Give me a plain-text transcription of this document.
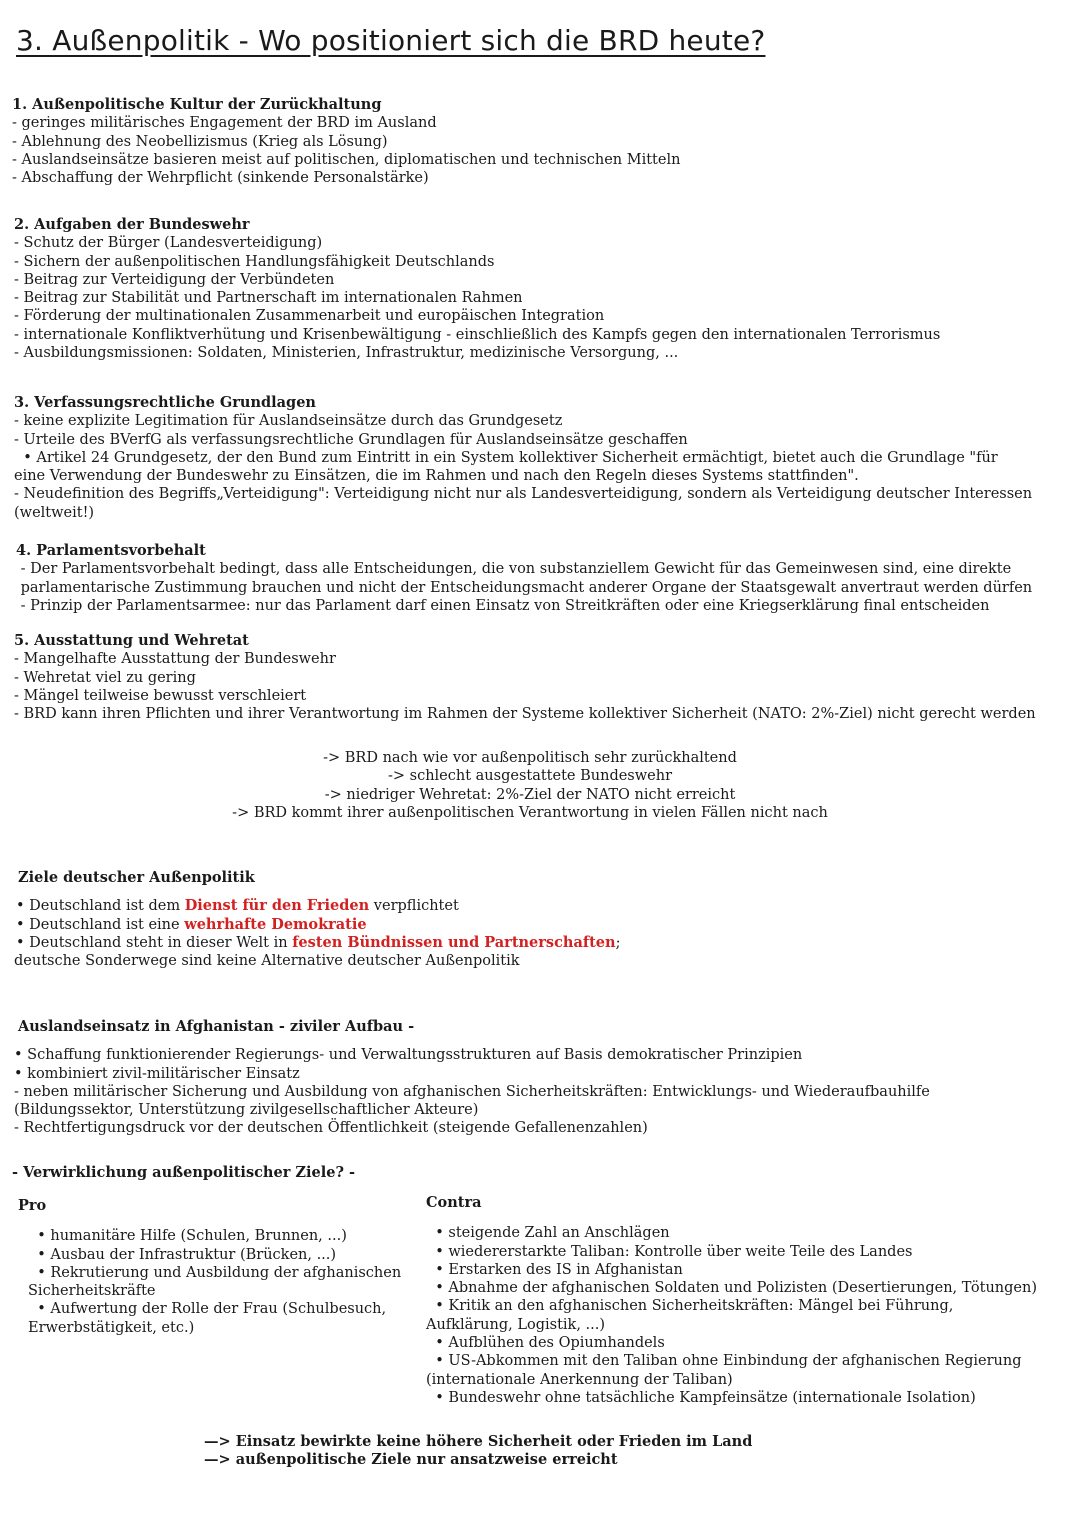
3. Außenpolitik - Wo positioniert sich die BRD heute?
1. Außenpolitische Kultur der Zurückhaltung
- geringes militärisches Engagement der BRD im Ausland
- Ablehnung des Neobellizismus (Krieg als Lösung)
- Auslandseinsätze basieren meist auf politischen, diplomatischen und technischen Mitteln
- Abschaffung der Wehrpflicht (sinkende Personalstärke)
2. Aufgaben der Bundeswehr
- Schutz der Bürger (Landesverteidigung)
- Sichern der außenpolitischen Handlungsfähigkeit Deutschlands
- Beitrag zur Verteidigung der Verbündeten
- Beitrag zur Stabilität und Partnerschaft im internationalen Rahmen
- Förderung der multinationalen Zusammenarbeit und europäischen Integration
- internationale Konfliktverhütung und Krisenbewältigung - einschließlich des Kampfs gegen den internationalen Terrorismus
- Ausbildungsmissionen: Soldaten, Ministerien, Infrastruktur, medizinische Versorgung, ...
3. Verfassungsrechtliche Grundlagen
- keine explizite Legitimation für Auslandseinsätze durch das Grundgesetz
- Urteile des BVerfG als verfassungsrechtliche Grundlagen für Auslandseinsätze geschaffen
• Artikel 24 Grundgesetz, der den Bund zum Eintritt in ein System kollektiver Sicherheit ermächtigt, bietet auch die Grundlage "für
eine Verwendung der Bundeswehr zu Einsätzen, die im Rahmen und nach den Regeln dieses Systems stattfinden".
- Neudefinition des Begriffs„Verteidigung": Verteidigung nicht nur als Landesverteidigung, sondern als Verteidigung deutscher Interessen
(weltweit!)
4. Parlamentsvorbehalt
- Der Parlamentsvorbehalt bedingt, dass alle Entscheidungen, die von substanziellem Gewicht für das Gemeinwesen sind, eine direkte
parlamentarische Zustimmung brauchen und nicht der Entscheidungsmacht anderer Organe der Staatsgewalt anvertraut werden dürfen
- Prinzip der Parlamentsarmee: nur das Parlament darf einen Einsatz von Streitkräften oder eine Kriegserklärung final entscheiden
5. Ausstattung und Wehretat
- Mangelhafte Ausstattung der Bundeswehr
- Wehretat viel zu gering
- Mängel teilweise bewusst verschleiert
- BRD kann ihren Pflichten und ihrer Verantwortung im Rahmen der Systeme kollektiver Sicherheit (NATO: 2%-Ziel) nicht gerecht werden
-> BRD nach wie vor außenpolitisch sehr zurückhaltend
-> schlecht ausgestattete Bundeswehr
-> niedriger Wehretat: 2%-Ziel der NATO nicht erreicht
-> BRD kommt ihrer außenpolitischen Verantwortung in vielen Fällen nicht nach
Ziele deutscher Außenpolitik
• Deutschland ist dem Dienst für den Frieden verpflichtet
• Deutschland ist eine wehrhafte Demokratie
• Deutschland steht in dieser Welt in festen Bündnissen und Partnerschaften;
deutsche Sonderwege sind keine Alternative deutscher Außenpolitik
Auslandseinsatz in Afghanistan - ziviler Aufbau -
• Schaffung funktionierender Regierungs- und Verwaltungsstrukturen auf Basis demokratischer Prinzipien
• kombiniert zivil-militärischer Einsatz
- neben militärischer Sicherung und Ausbildung von afghanischen Sicherheitskräften: Entwicklungs- und Wiederaufbauhilfe
(Bildungssektor, Unterstützung zivilgesellschaftlicher Akteure)
- Rechtfertigungsdruck vor der deutschen Öffentlichkeit (steigende Gefallenenzahlen)
- Verwirklichung außenpolitischer Ziele? -
Pro
• humanitäre Hilfe (Schulen, Brunnen, ...)
• Ausbau der Infrastruktur (Brücken, ...)
• Rekrutierung und Ausbildung der afghanischen
Sicherheitskräfte
• Aufwertung der Rolle der Frau (Schulbesuch,
Erwerbstätigkeit, etc.)
Contra
• steigende Zahl an Anschlägen
• wiedererstarkte Taliban: Kontrolle über weite Teile des Landes
• Erstarken des IS in Afghanistan
• Abnahme der afghanischen Soldaten und Polizisten (Desertierungen, Tötungen)
• Kritik an den afghanischen Sicherheitskräften: Mängel bei Führung,
Aufklärung, Logistik, ...)
• Aufblühen des Opiumhandels
• US-Abkommen mit den Taliban ohne Einbindung der afghanischen Regierung
(internationale Anerkennung der Taliban)
• Bundeswehr ohne tatsächliche Kampfeinsätze (internationale Isolation)
—> Einsatz bewirkte keine höhere Sicherheit oder Frieden im Land
—> außenpolitische Ziele nur ansatzweise erreicht
